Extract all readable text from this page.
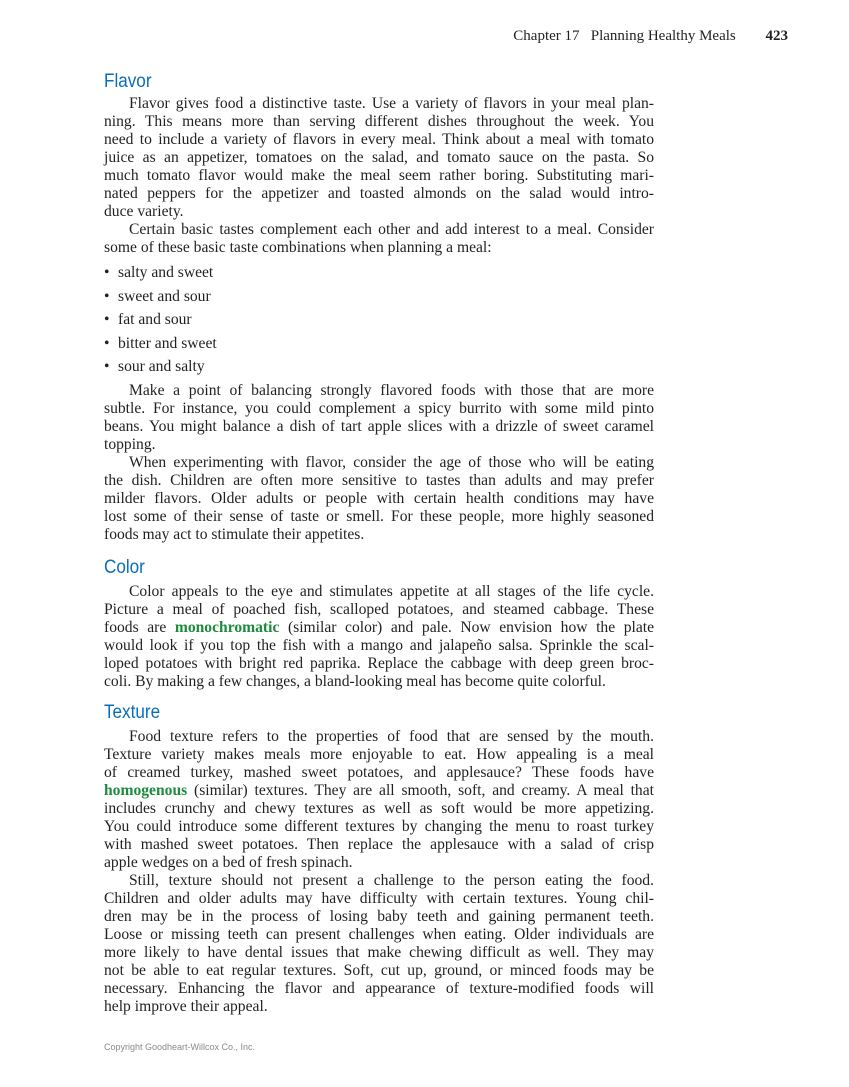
Chapter 17 Planning Healthy Meals 423
Flavor
Flavor gives food a distinctive taste. Use a variety of flavors in your meal plan-
ning. This means more than serving different dishes throughout the week. You
need to include a variety of flavors in every meal. Think about a meal with tomato
juice as an appetizer, tomatoes on the salad, and tomato sauce on the pasta. So
much tomato flavor would make the meal seem rather boring. Substituting mari-
nated peppers for the appetizer and toasted almonds on the salad would intro-
duce variety.
Certain basic tastes complement each other and add interest to a meal. Consider
some of these basic taste combinations when planning a meal:
• salty and sweet
• sweet and sour
• fat and sour
• bitter and sweet
• sour and salty
Make a point of balancing strongly flavored foods with those that are more
subtle. For instance, you could complement a spicy burrito with some mild pinto
beans. You might balance a dish of tart apple slices with a drizzle of sweet caramel
topping.
When experimenting with flavor, consider the age of those who will be eating
the dish. Children are often more sensitive to tastes than adults and may prefer
milder flavors. Older adults or people with certain health conditions may have
lost some of their sense of taste or smell. For these people, more highly seasoned
foods may act to stimulate their appetites.
Color
Color appeals to the eye and stimulates appetite at all stages of the life cycle.
Picture a meal of poached fish, scalloped potatoes, and steamed cabbage. These
foods are monochromatic (similar color) and pale. Now envision how the plate
would look if you top the fish with a mango and jalapeño salsa. Sprinkle the scal-
loped potatoes with bright red paprika. Replace the cabbage with deep green broc-
coli. By making a few changes, a bland-looking meal has become quite colorful.
Texture
Food texture refers to the properties of food that are sensed by the mouth.
Texture variety makes meals more enjoyable to eat. How appealing is a meal
of creamed turkey, mashed sweet potatoes, and applesauce? These foods have
homogenous (similar) textures. They are all smooth, soft, and creamy. A meal that
includes crunchy and chewy textures as well as soft would be more appetizing.
You could introduce some different textures by changing the menu to roast turkey
with mashed sweet potatoes. Then replace the applesauce with a salad of crisp
apple wedges on a bed of fresh spinach.
Still, texture should not present a challenge to the person eating the food.
Children and older adults may have difficulty with certain textures. Young chil-
dren may be in the process of losing baby teeth and gaining permanent teeth.
Loose or missing teeth can present challenges when eating. Older individuals are
more likely to have dental issues that make chewing difficult as well. They may
not be able to eat regular textures. Soft, cut up, ground, or minced foods may be
necessary. Enhancing the flavor and appearance of texture-modified foods will
help improve their appeal.
Copyright Goodheart-Willcox Co., Inc.
